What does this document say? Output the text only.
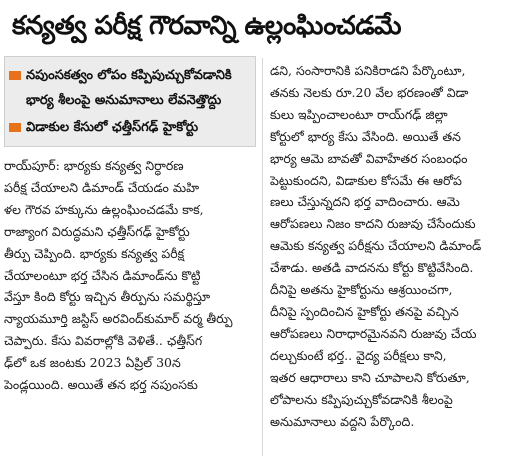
కన్యత్వ పరీక్ష గౌరవాన్ని ఉల్లంఘించడమే
నపుంసకత్వం లోపం కప్పిపుచ్చుకోవడానికి భార్య శీలంపై అనుమానాలు లేవనెత్తొద్దు
విడాకుల కేసులో ఛత్తీస్‌గఢ్ హైకోర్టు
రాయ్‌పూర్: భార్యకు కన్యత్వ నిర్ధారణ
పరీక్ష చేయాలని డిమాండ్ చేయడం మహి
ళల గౌరవ హక్కును ఉల్లంఘించడమే కాక,
రాజ్యాంగ విరుద్ధమని ఛత్తీస్‌గఢ్ హైకోర్టు
తీర్పు చెప్పింది. భార్యకు కన్యత్వ పరీక్ష
చేయాలంటూ భర్త చేసిన డిమాండ్‌ను కొట్టి
వేస్తూ కింది కోర్టు ఇచ్చిన తీర్పును సమర్థిస్తూ
న్యాయమూర్తి జస్టిస్ అరవింద్‌కుమార్ వర్మ తీర్పు
చెప్పారు. కేసు వివరాల్లోకి వెళితే.. ఛత్తీస్‌గ
ఢ్‌లో ఒక జంటకు 2023 ఏప్రిల్ 30న
పెండ్లయింది. అయితే తన భర్త నపుంసకు
డని, సంసారానికి పనికిరాడని పేర్కొంటూ,
తనకు నెలకు రూ.20 వేల భరణంతో విడా
కులు ఇప్పించాలంటూ రాయ్‌గఢ్ జిల్లా
కోర్టులో భార్య కేసు వేసింది. అయితే తన
భార్య ఆమె బావతో వివాహేతర సంబంధం
పెట్టుకుందని, విడాకుల కోసమే ఈ ఆరోప
ణలు చేస్తున్నదని భర్త వాదించారు. ఆమె
ఆరోపణలు నిజం కాదని రుజువు చేసేందుకు
ఆమెకు కన్యత్వ పరీక్షను చేయాలని డిమాండ్
చేశాడు. అతడి వాదనను కోర్టు కొట్టివేసింది.
దీనిపై అతను హైకోర్టును ఆశ్రయించగా,
దీనిపై స్పందించిన హైకోర్టు తనపై వచ్చిన
ఆరోపణలు నిరాధారమైనవని రుజువు చేయ
దల్చుకుంటే భర్త.. వైద్య పరీక్షలు కాని,
ఇతర ఆధారాలు కాని చూపాలని కోరుతూ,
లోపాలను కప్పిపుచ్చుకోవడానికి శీలంపై
అనుమానాలు వద్దని పేర్కొంది.
